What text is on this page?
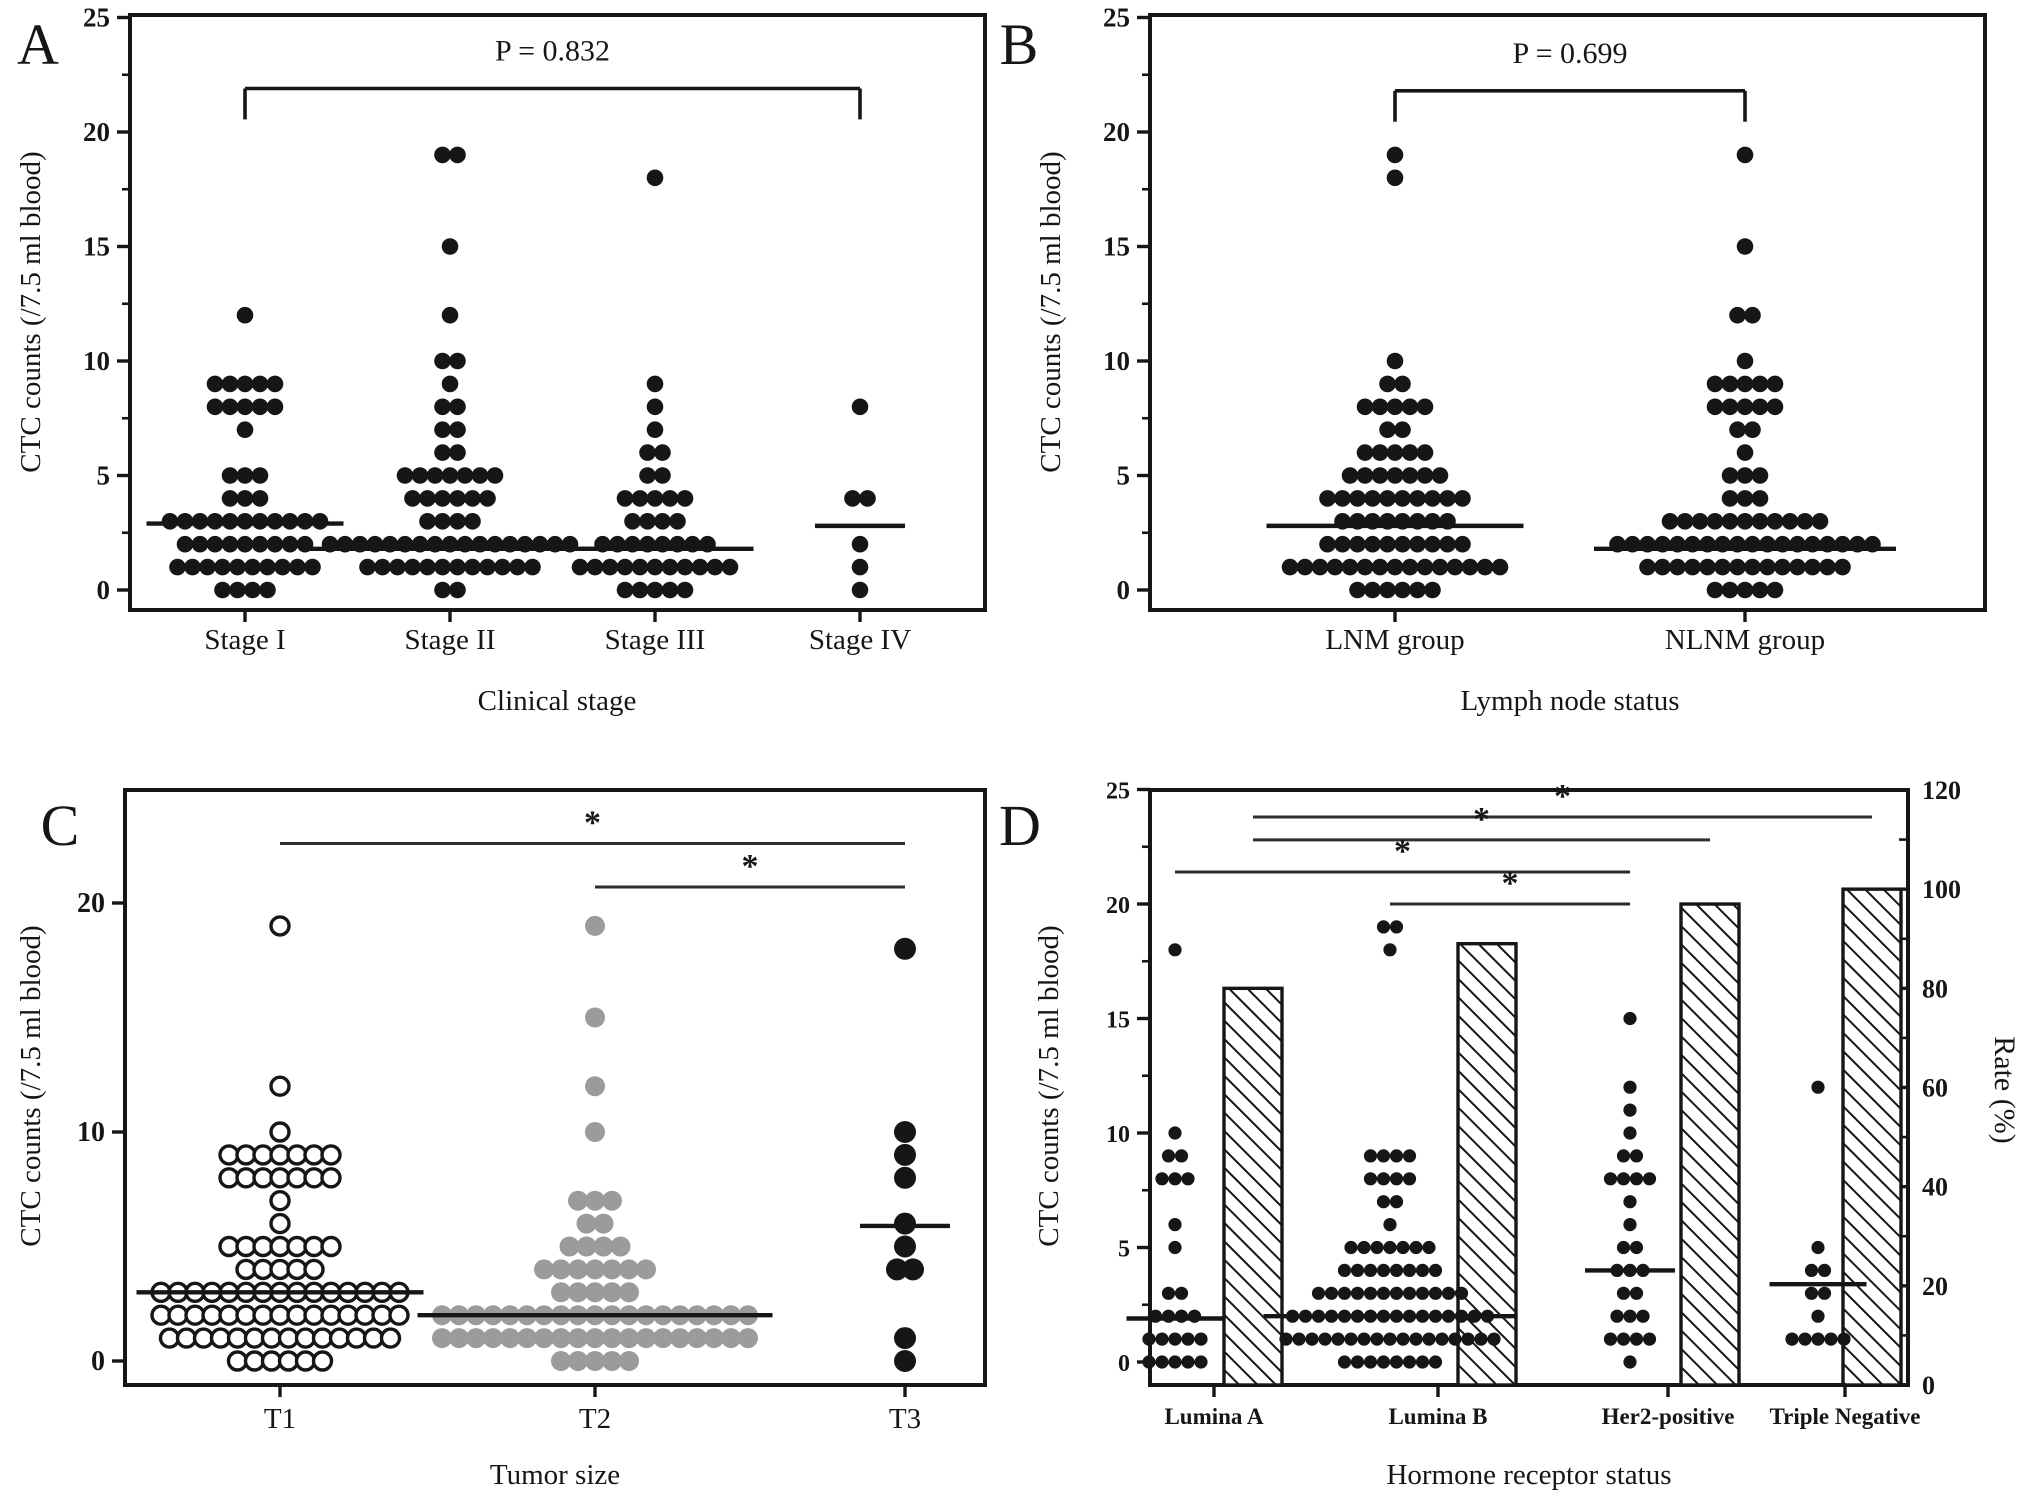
0
5
10
15
20
25
Stage I	Stage II	Stage III	Stage IV
Clinical stage
CTC counts (/7.5 ml blood)
A	P = 0.832
0
5
10
15
20
25
LNM group	NLNM group
Lymph node status
CTC counts (/7.5 ml blood)
B	P = 0.699
0
10
20
T1	T2	T3
Tumor size
CTC counts (/7.5 ml blood)
C	*
*
0
5
10
15
20
25
Lumina A	Lumina B	Her2-positive Triple Negative
Hormone receptor status
CTC counts (/7.5 ml blood)
D
0
20
40
60
80
100
120
Rate (%)
*
*
*
*
